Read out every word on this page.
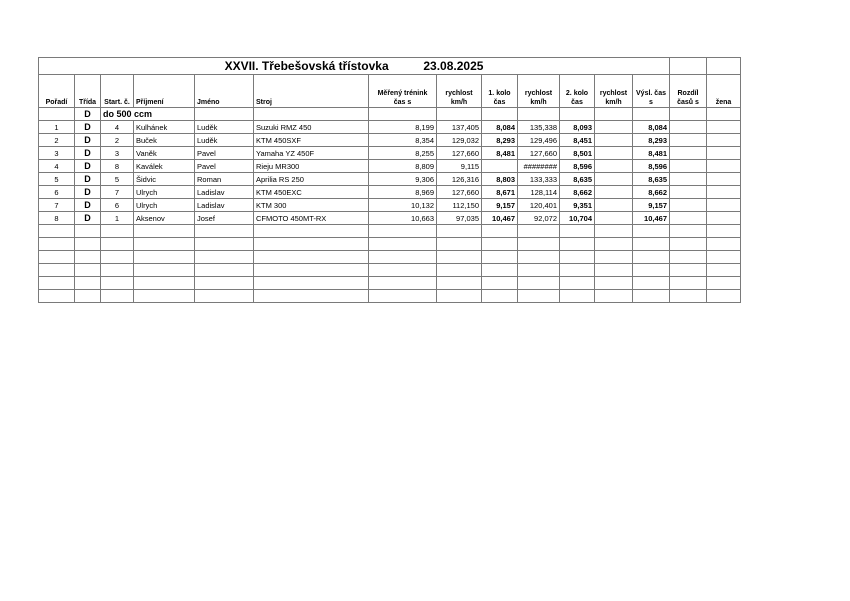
XXVII. Třebešovská třístovka 23.08.2025														
Pořadí	Třída	Start. č.	Příjmení	Jméno	Stroj	Měřený trénink čas s	rychlost km/h	1. kolo čas	rychlost km/h	2. kolo čas	rychlost km/h	Výsl. čas s	Rozdíl časů s	žena
	D	do 500 ccm												
1	D	4	Kulhánek	Luděk	Suzuki RMZ 450	8,199	137,405	8,084	135,338	8,093		8,084		
2	D	2	Buček	Luděk	KTM 450SXF	8,354	129,032	8,293	129,496	8,451		8,293		
3	D	3	Vaněk	Pavel	Yamaha YZ 450F	8,255	127,660	8,481	127,660	8,501		8,481		
4	D	8	Kaválek	Pavel	Rieju MR300	8,809	9,115		########	8,596		8,596		
5	D	5	Šidvic	Roman	Aprilia RS 250	9,306	126,316	8,803	133,333	8,635		8,635		
6	D	7	Ulrych	Ladislav	KTM 450EXC	8,969	127,660	8,671	128,114	8,662		8,662		
7	D	6	Ulrych	Ladislav	KTM 300	10,132	112,150	9,157	120,401	9,351		9,157		
8	D	1	Aksenov	Josef	CFMOTO 450MT-RX	10,663	97,035	10,467	92,072	10,704		10,467		
